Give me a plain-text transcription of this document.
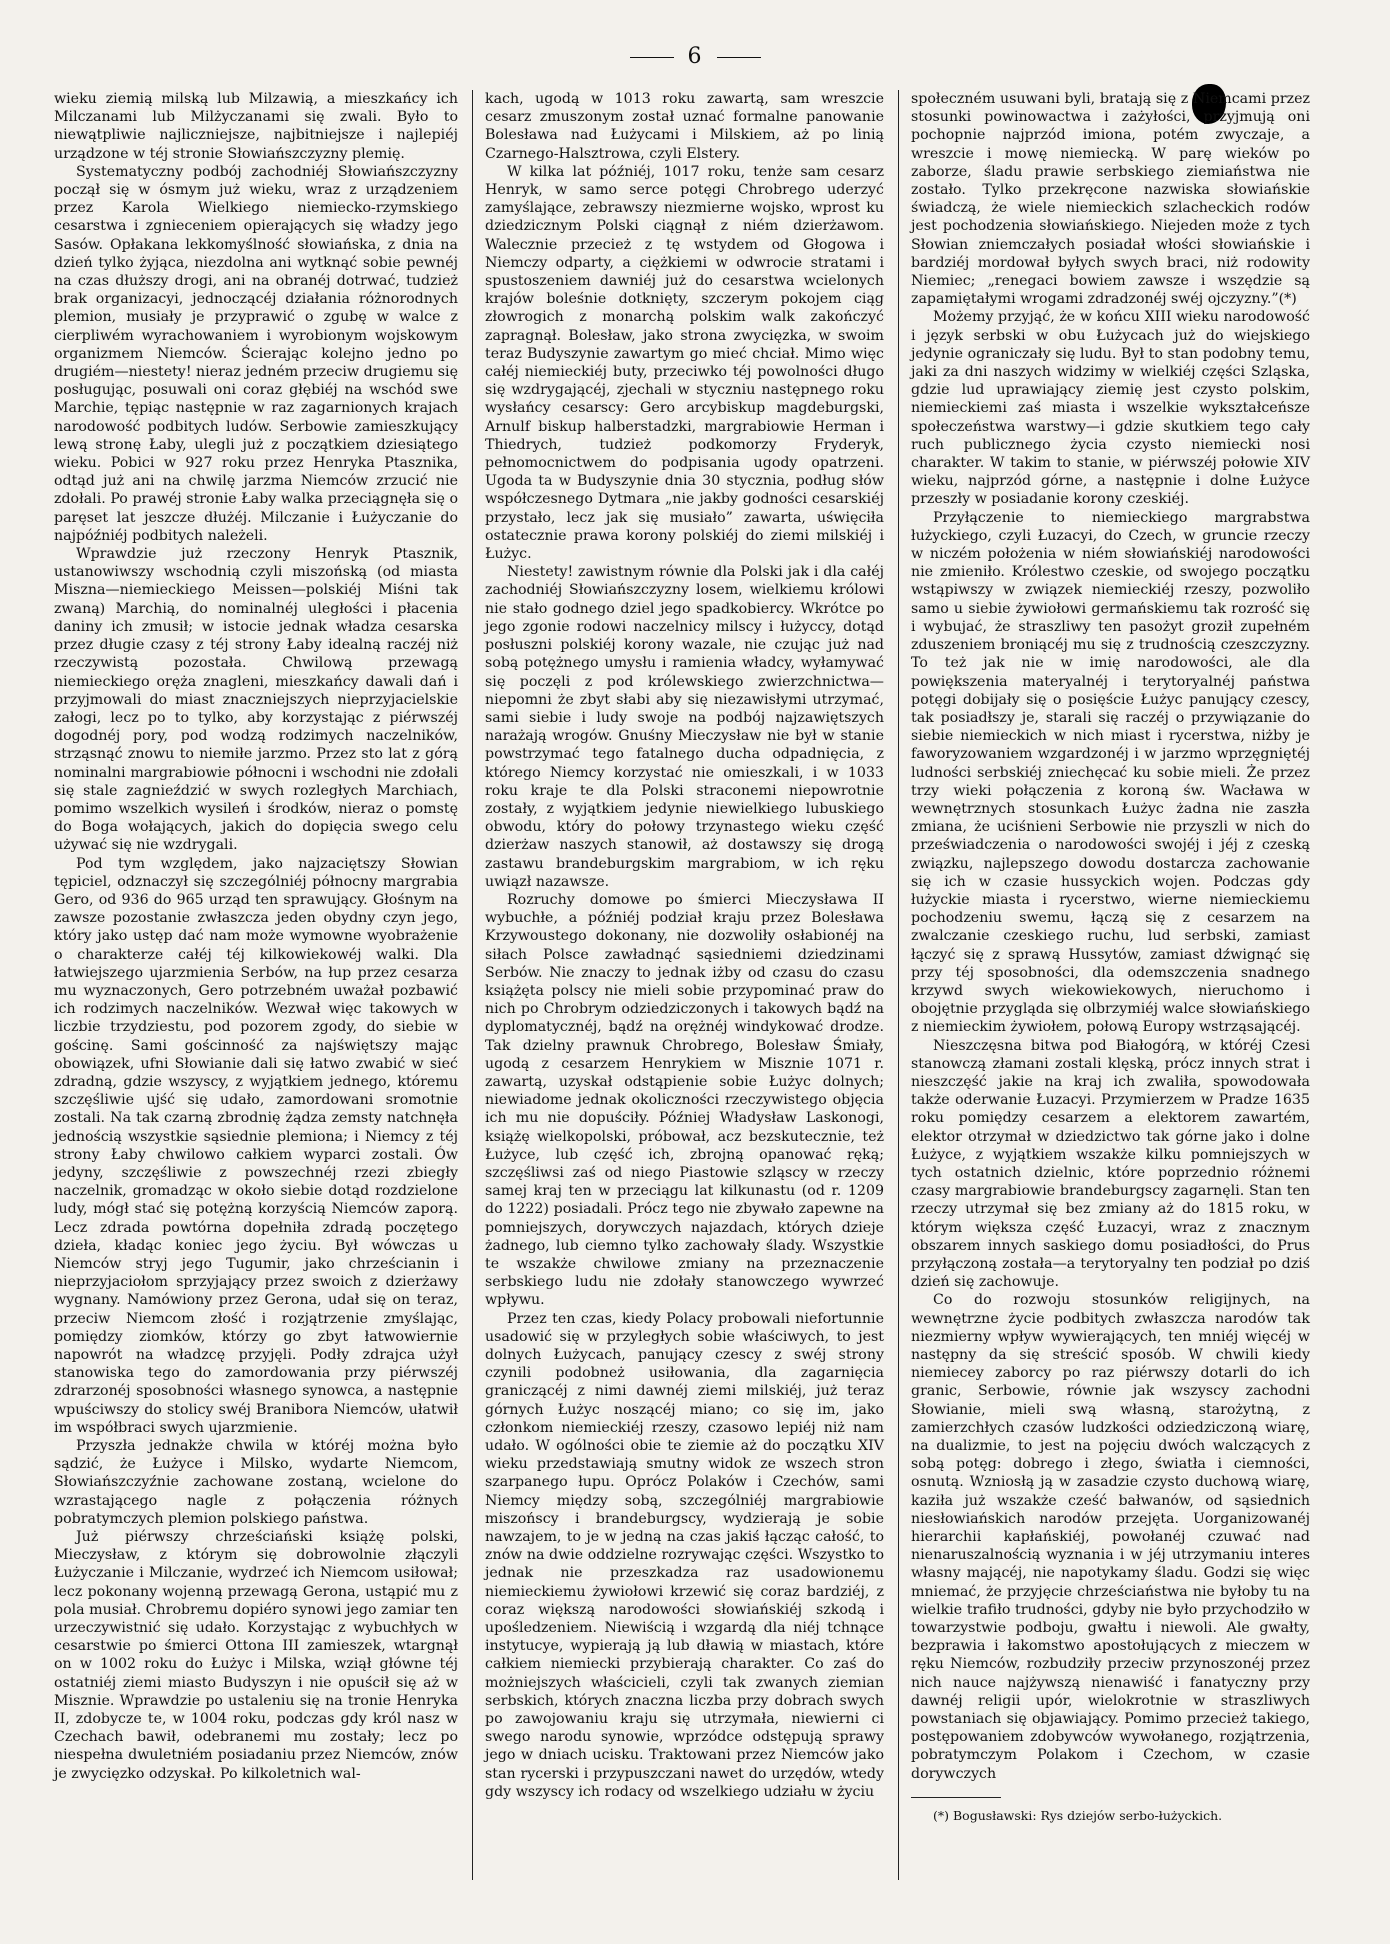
6

wieku ziemią milską lub Milzawią, a mieszkańcy ich Milczanami lub Milżyczanami się zwali. Było to niewątpliwie najliczniejsze, najbitniejsze i najlepiéj urządzone w téj stronie Słowiańszczyzny plemię.

Systematyczny podbój zachodniéj Słowiańszczyzny począł się w ósmym już wieku, wraz z urządzeniem przez Karola Wielkiego niemiecko-rzymskiego cesarstwa i zgnieceniem opierających się władzy jego Sasów. Opłakana lekkomyślność słowiańska, z dnia na dzień tylko żyjąca, niezdolna ani wytknąć sobie pewnéj na czas dłuższy drogi, ani na obranéj dotrwać, tudzież brak organizacyi, jednoczącéj działania różnorodnych plemion, musiały je przyprawić o zgubę w walce z cierpliwém wyrachowaniem i wyrobionym wojskowym organizmem Niemców. Ścierając kolejno jedno po drugiém—niestety! nieraz jedném przeciw drugiemu się posługując, posuwali oni coraz głębiéj na wschód swe Marchie, tępiąc następnie w raz zagarnionych krajach narodowość podbitych ludów. Serbowie zamieszkujący lewą stronę Łaby, ulegli już z początkiem dziesiątego wieku. Pobici w 927 roku przez Henryka Ptasznika, odtąd już ani na chwilę jarzma Niemców zrzucić nie zdołali. Po prawéj stronie Łaby walka przeciągnęła się o paręset lat jeszcze dłużéj. Milczanie i Łużyczanie do najpóźniéj podbitych należeli.

Wprawdzie już rzeczony Henryk Ptasznik, ustanowiwszy wschodnią czyli miszońską (od miasta Miszna—niemieckiego Meissen—polskiéj Miśni tak zwaną) Marchią, do nominalnéj uległości i płacenia daniny ich zmusił; w istocie jednak władza cesarska przez długie czasy z téj strony Łaby idealną raczéj niż rzeczywistą pozostała. Chwilową przewagą niemieckiego oręża znagleni, mieszkańcy dawali dań i przyjmowali do miast znaczniejszych nieprzyjacielskie załogi, lecz po to tylko, aby korzystając z piérwszéj dogodnéj pory, pod wodzą rodzimych naczelników, strząsnąć znowu to niemiłe jarzmo. Przez sto lat z górą nominalni margrabiowie północni i wschodni nie zdołali się stale zagnieździć w swych rozległych Marchiach, pomimo wszelkich wysileń i środków, nieraz o pomstę do Boga wołających, jakich do dopięcia swego celu używać się nie wzdrygali.

Pod tym względem, jako najzaciętszy Słowian tępiciel, odznaczył się szczególniéj północny margrabia Gero, od 936 do 965 urząd ten sprawujący. Głośnym na zawsze pozostanie zwłaszcza jeden obydny czyn jego, który jako ustęp dać nam może wymowne wyobrażenie o charakterze całéj téj kilkowiekowéj walki. Dla łatwiejszego ujarzmienia Serbów, na łup przez cesarza mu wyznaczonych, Gero potrzebném uważał pozbawić ich rodzimych naczelników. Wezwał więc takowych w liczbie trzydziestu, pod pozorem zgody, do siebie w gościnę. Sami gościnność za najświętszy mając obowiązek, ufni Słowianie dali się łatwo zwabić w sieć zdradną, gdzie wszyscy, z wyjątkiem jednego, któremu szczęśliwie ujść się udało, zamordowani sromotnie zostali. Na tak czarną zbrodnię żądza zemsty natchnęła jednością wszystkie sąsiednie plemiona; i Niemcy z téj strony Łaby chwilowo całkiem wyparci zostali. Ów jedyny, szczęśliwie z powszechnéj rzezi zbiegły naczelnik, gromadząc w około siebie dotąd rozdzielone ludy, mógł stać się potężną korzyścią Niemców zaporą. Lecz zdrada powtórna dopełniła zdradą poczętego dzieła, kładąc koniec jego życiu. Był wówczas u Niemców stryj jego Tugumir, jako chrześcianin i nieprzyjaciołom sprzyjający przez swoich z dzierżawy wygnany. Namówiony przez Gerona, udał się on teraz, przeciw Niemcom złość i rozjątrzenie zmyślając, pomiędzy ziomków, którzy go zbyt łatwowiernie napowrót na władzcę przyjęli. Podły zdrajca użył stanowiska tego do zamordowania przy piérwszéj zdrarzonéj sposobności własnego synowca, a następnie wpuściwszy do stolicy swéj Branibora Niemców, ułatwił im współbraci swych ujarzmienie.

Przyszła jednakże chwila w któréj można było sądzić, że Łużyce i Milsko, wydarte Niemcom, Słowiańszczyźnie zachowane zostaną, wcielone do wzrastającego nagle z połączenia różnych pobratymczych plemion polskiego państwa.

Już piérwszy chrześciański książę polski, Mieczysław, z którym się dobrowolnie złączyli Łużyczanie i Milczanie, wydrzeć ich Niemcom usiłował; lecz pokonany wojenną przewagą Gerona, ustąpić mu z pola musiał. Chrobremu dopiéro synowi jego zamiar ten urzeczywistnić się udało. Korzystając z wybuchłych w cesarstwie po śmierci Ottona III zamieszek, wtargnął on w 1002 roku do Łużyc i Milska, wziął główne téj ostatniéj ziemi miasto Budyszyn i nie opuścił się aż w Misznie. Wprawdzie po ustaleniu się na tronie Henryka II, zdobycze te, w 1004 roku, podczas gdy król nasz w Czechach bawił, odebranemi mu zostały; lecz po niespełna dwuletniém posiadaniu przez Niemców, znów je zwycięzko odzyskał. Po kilkoletnich wal-

kach, ugodą w 1013 roku zawartą, sam wreszcie cesarz zmuszonym został uznać formalne panowanie Bolesława nad Łużycami i Milskiem, aż po linią Czarnego-Halsztrowa, czyli Elstery.

W kilka lat późniéj, 1017 roku, tenże sam cesarz Henryk, w samo serce potęgi Chrobrego uderzyć zamyślające, zebrawszy niezmierne wojsko, wprost ku dziedzicznym Polski ciągnął z niém dzierżawom. Walecznie przecież z tę wstydem od Głogowa i Niemczy odparty, a ciężkiemi w odwrocie stratami i spustoszeniem dawniéj już do cesarstwa wcielonych krajów boleśnie dotknięty, szczerym pokojem ciąg złowrogich z monarchą polskim walk zakończyć zapragnął. Bolesław, jako strona zwycięzka, w swoim teraz Budyszynie zawartym go mieć chciał. Mimo więc całéj niemieckiéj buty, przeciwko téj powolności długo się wzdrygającéj, zjechali w styczniu następnego roku wysłańcy cesarscy: Gero arcybiskup magdeburgski, Arnulf biskup halberstadzki, margrabiowie Herman i Thiedrych, tudzież podkomorzy Fryderyk, pełnomocnictwem do podpisania ugody opatrzeni. Ugoda ta w Budyszynie dnia 30 stycznia, podług słów współczesnego Dytmara „nie jakby godności cesarskiéj przystało, lecz jak się musiało” zawarta, uświęciła ostatecznie prawa korony polskiéj do ziemi milskiéj i Łużyc.

Niestety! zawistnym równie dla Polski jak i dla całéj zachodniéj Słowiańszczyzny losem, wielkiemu królowi nie stało godnego dziel jego spadkobiercy. Wkrótce po jego zgonie rodowi naczelnicy milscy i łużyccy, dotąd posłuszni polskiéj korony wazale, nie czując już nad sobą potężnego umysłu i ramienia władcy, wyłamywać się poczęli z pod królewskiego zwierzchnictwa—niepomni że zbyt słabi aby się niezawisłymi utrzymać, sami siebie i ludy swoje na podbój najzawiętszych narażają wrogów. Gnuśny Mieczysław nie był w stanie powstrzymać tego fatalnego ducha odpadnięcia, z którego Niemcy korzystać nie omieszkali, i w 1033 roku kraje te dla Polski straconemi niepowrotnie zostały, z wyjątkiem jedynie niewielkiego lubuskiego obwodu, który do połowy trzynastego wieku część dzierżaw naszych stanowił, aż dostawszy się drogą zastawu brandeburgskim margrabiom, w ich ręku uwiązł nazawsze.

Rozruchy domowe po śmierci Mieczysława II wybuchłe, a późniéj podział kraju przez Bolesława Krzywoustego dokonany, nie dozwoliły osłabionéj na siłach Polsce zawładnąć sąsiedniemi dziedzinami Serbów. Nie znaczy to jednak iżby od czasu do czasu książęta polscy nie mieli sobie przypominać praw do nich po Chrobrym odziedziczonych i takowych bądź na dyplomatycznéj, bądź na orężnéj windykować drodze. Tak dzielny prawnuk Chrobrego, Bolesław Śmiały, ugodą z cesarzem Henrykiem w Misznie 1071 r. zawartą, uzyskał odstąpienie sobie Łużyc dolnych; niewiadome jednak okoliczności rzeczywistego objęcia ich mu nie dopuściły. Później Władysław Laskonogi, książę wielkopolski, próbował, acz bezskutecznie, też Łużyce, lub część ich, zbrojną opanować ręką; szczęśliwsi zaś od niego Piastowie szląscy w rzeczy samej kraj ten w przeciągu lat kilkunastu (od r. 1209 do 1222) posiadali. Prócz tego nie zbywało zapewne na pomniejszych, dorywczych najazdach, których dzieje żadnego, lub ciemno tylko zachowały ślady. Wszystkie te wszakże chwilowe zmiany na przeznaczenie serbskiego ludu nie zdołały stanowczego wywrzeć wpływu.

Przez ten czas, kiedy Polacy probowali niefortunnie usadowić się w przyległych sobie właściwych, to jest dolnych Łużycach, panujący czescy z swéj strony czynili podobneż usiłowania, dla zagarnięcia graniczącéj z nimi dawnéj ziemi milskiéj, już teraz górnych Łużyc noszącéj miano; co się im, jako członkom niemieckiéj rzeszy, czasowo lepiéj niż nam udało. W ogólności obie te ziemie aż do początku XIV wieku przedstawiają smutny widok ze wszech stron szarpanego łupu. Oprócz Polaków i Czechów, sami Niemcy między sobą, szczególniéj margrabiowie miszońscy i brandeburgscy, wydzierają je sobie nawzajem, to je w jedną na czas jakiś łącząc całość, to znów na dwie oddzielne rozrywając części. Wszystko to jednak nie przeszkadza raz usadowionemu niemieckiemu żywiołowi krzewić się coraz bardziéj, z coraz większą narodowości słowiańskiéj szkodą i upośledzeniem. Niewiścią i wzgardą dla niéj tchnące instytucye, wypierają ją lub dławią w miastach, które całkiem niemiecki przybierają charakter. Co zaś do możniejszych właścicieli, czyli tak zwanych ziemian serbskich, których znaczna liczba przy dobrach swych po zawojowaniu kraju się utrzymała, niewierni ci swego narodu synowie, wprzódce odstępują sprawy jego w dniach ucisku. Traktowani przez Niemców jako stan rycerski i przypuszczani nawet do urzędów, wtedy gdy wszyscy ich rodacy od wszelkiego udziału w życiu

społeczném usuwani byli, bratają się z Niemcami przez stosunki powinowactwa i zażyłości, przyjmują oni pochopnie najprzód imiona, potém zwyczaje, a wreszcie i mowę niemiecką. W parę wieków po zaborze, śladu prawie serbskiego ziemiaństwa nie zostało. Tylko przekręcone nazwiska słowiańskie świadczą, że wiele niemieckich szlacheckich rodów jest pochodzenia słowiańskiego. Niejeden może z tych Słowian zniemczałych posiadał włości słowiańskie i bardziéj mordował byłych swych braci, niż rodowity Niemiec; „renegaci bowiem zawsze i wszędzie są zapamiętałymi wrogami zdradzonéj swéj ojczyzny.”(*)

Możemy przyjąć, że w końcu XIII wieku narodowość i język serbski w obu Łużycach już do wiejskiego jedynie ograniczały się ludu. Był to stan podobny temu, jaki za dni naszych widzimy w wielkiéj części Szląska, gdzie lud uprawiający ziemię jest czysto polskim, niemieckiemi zaś miasta i wszelkie wykształceńsze społeczeństwa warstwy—i gdzie skutkiem tego cały ruch publicznego życia czysto niemiecki nosi charakter. W takim to stanie, w piérwszéj połowie XIV wieku, najprzód górne, a następnie i dolne Łużyce przeszły w posiadanie korony czeskiéj.

Przyłączenie to niemieckiego margrabstwa łużyckiego, czyli Łuzacyi, do Czech, w gruncie rzeczy w niczém położenia w niém słowiańskiéj narodowości nie zmieniło. Królestwo czeskie, od swojego początku wstąpiwszy w związek niemieckiéj rzeszy, pozwoliło samo u siebie żywiołowi germańskiemu tak rozrość się i wybujać, że straszliwy ten pasożyt groził zupełném zduszeniem broniącéj mu się z trudnością czeszczyzny. To też jak nie w imię narodowości, ale dla powiększenia materyalnéj i terytoryalnéj państwa potęgi dobijały się o posięście Łużyc panujący czescy, tak posiadłszy je, starali się raczéj o przywiązanie do siebie niemieckich w nich miast i rycerstwa, niżby je faworyzowaniem wzgardzonéj i w jarzmo wprzęgniętéj ludności serbskiéj zniechęcać ku sobie mieli. Że przez trzy wieki połączenia z koroną św. Wacława w wewnętrznych stosunkach Łużyc żadna nie zaszła zmiana, że uciśnieni Serbowie nie przyszli w nich do przeświadczenia o narodowości swojéj i jéj z czeską związku, najlepszego dowodu dostarcza zachowanie się ich w czasie hussyckich wojen. Podczas gdy łużyckie miasta i rycerstwo, wierne niemieckiemu pochodzeniu swemu, łączą się z cesarzem na zwalczanie czeskiego ruchu, lud serbski, zamiast łączyć się z sprawą Hussytów, zamiast dźwignąć się przy téj sposobności, dla odemszczenia snadnego krzywd swych wiekowiekowych, nieruchomo i obojętnie przygląda się olbrzymiéj walce słowiańskiego z niemieckim żywiołem, połową Europy wstrząsającéj.

Nieszczęsna bitwa pod Białogórą, w któréj Czesi stanowczą złamani zostali klęską, prócz innych strat i nieszczęść jakie na kraj ich zwaliła, spowodowała także oderwanie Łuzacyi. Przymierzem w Pradze 1635 roku pomiędzy cesarzem a elektorem zawartém, elektor otrzymał w dziedzictwo tak górne jako i dolne Łużyce, z wyjątkiem wszakże kilku pomniejszych w tych ostatnich dzielnic, które poprzednio różnemi czasy margrabiowie brandeburgscy zagarnęli. Stan ten rzeczy utrzymał się bez zmiany aż do 1815 roku, w którym większa część Łuzacyi, wraz z znacznym obszarem innych saskiego domu posiadłości, do Prus przyłączoną została—a terytoryalny ten podział po dziś dzień się zachowuje.

Co do rozwoju stosunków religijnych, na wewnętrzne życie podbitych zwłaszcza narodów tak niezmierny wpływ wywierających, ten mniéj więcéj w następny da się streścić sposób. W chwili kiedy niemiecey zaborcy po raz piérwszy dotarli do ich granic, Serbowie, równie jak wszyscy zachodni Słowianie, mieli swą własną, starożytną, z zamierzchłych czasów ludzkości odziedziczoną wiarę, na dualizmie, to jest na pojęciu dwóch walczących z sobą potęg: dobrego i złego, światła i ciemności, osnutą. Wzniosłą ją w zasadzie czysto duchową wiarę, kaziła już wszakże cześć bałwanów, od sąsiednich niesłowiańskich narodów przejęta. Uorganizowanéj hierarchii kapłańskiéj, powołanéj czuwać nad nienaruszalnością wyznania i w jéj utrzymaniu interes własny mającéj, nie napotykamy śladu. Godzi się więc mniemać, że przyjęcie chrześciaństwa nie byłoby tu na wielkie trafiło trudności, gdyby nie było przychodziło w towarzystwie podboju, gwałtu i niewoli. Ale gwałty, bezprawia i łakomstwo apostołujących z mieczem w ręku Niemców, rozbudziły przeciw przynoszonéj przez nich nauce najżywszą nienawiść i fanatyczny przy dawnéj religii upór, wielokrotnie w straszliwych powstaniach się objawiający. Pomimo przecież takiego, postępowaniem zdobywców wywołanego, rozjątrzenia, pobratymczym Polakom i Czechom, w czasie dorywczych

(*) Bogusławski: Rys dziejów serbo-łużyckich.
